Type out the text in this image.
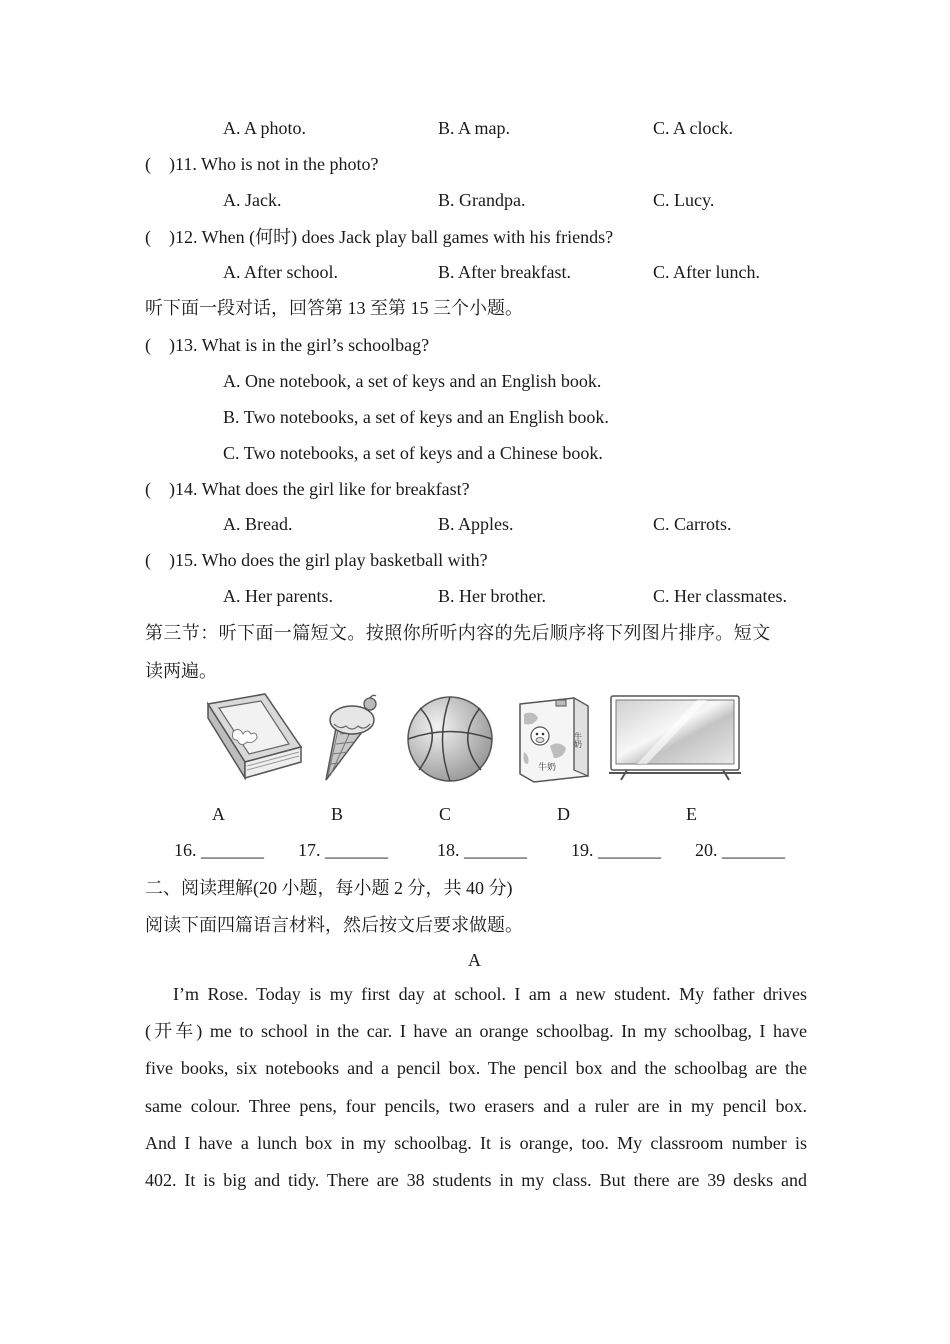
A. A photo.	B. A map.	C. A clock.
( )11. Who is not in the photo?
A. Jack.	B. Grandpa.	C. Lucy.
( )12. When (何时) does Jack play ball games with his friends?
A. After school.	B. After breakfast.	C. After lunch.
听下面一段对话，回答第 13 至第 15 三个小题。
( )13. What is in the girl’s schoolbag?
A. One notebook, a set of keys and an English book.
B. Two notebooks, a set of keys and an English book.
C. Two notebooks, a set of keys and a Chinese book.
( )14. What does the girl like for breakfast?
A. Bread.	B. Apples.	C. Carrots.
( )15. Who does the girl play basketball with?
A. Her parents.	B. Her brother.	C. Her classmates.
第三节：听下面一篇短文。按照你所听内容的先后顺序将下列图片排序。短文
读两遍。
牛奶
牛奶
A	B	C	D	E
16. _______ 17. _______	18. _______ 19. _______ 20. _______
二、阅读理解(20 小题，每小题 2 分，共 40 分)
阅读下面四篇语言材料，然后按文后要求做题。
A
I’m Rose. Today is my first day at school. I am a new student. My father drives
(开车) me to school in the car. I have an orange schoolbag. In my schoolbag, I have
five books, six notebooks and a pencil box. The pencil box and the schoolbag are the
same colour. Three pens, four pencils, two erasers and a ruler are in my pencil box.
And I have a lunch box in my schoolbag. It is orange, too. My classroom number is
402. It is big and tidy. There are 38 students in my class. But there are 39 desks and
